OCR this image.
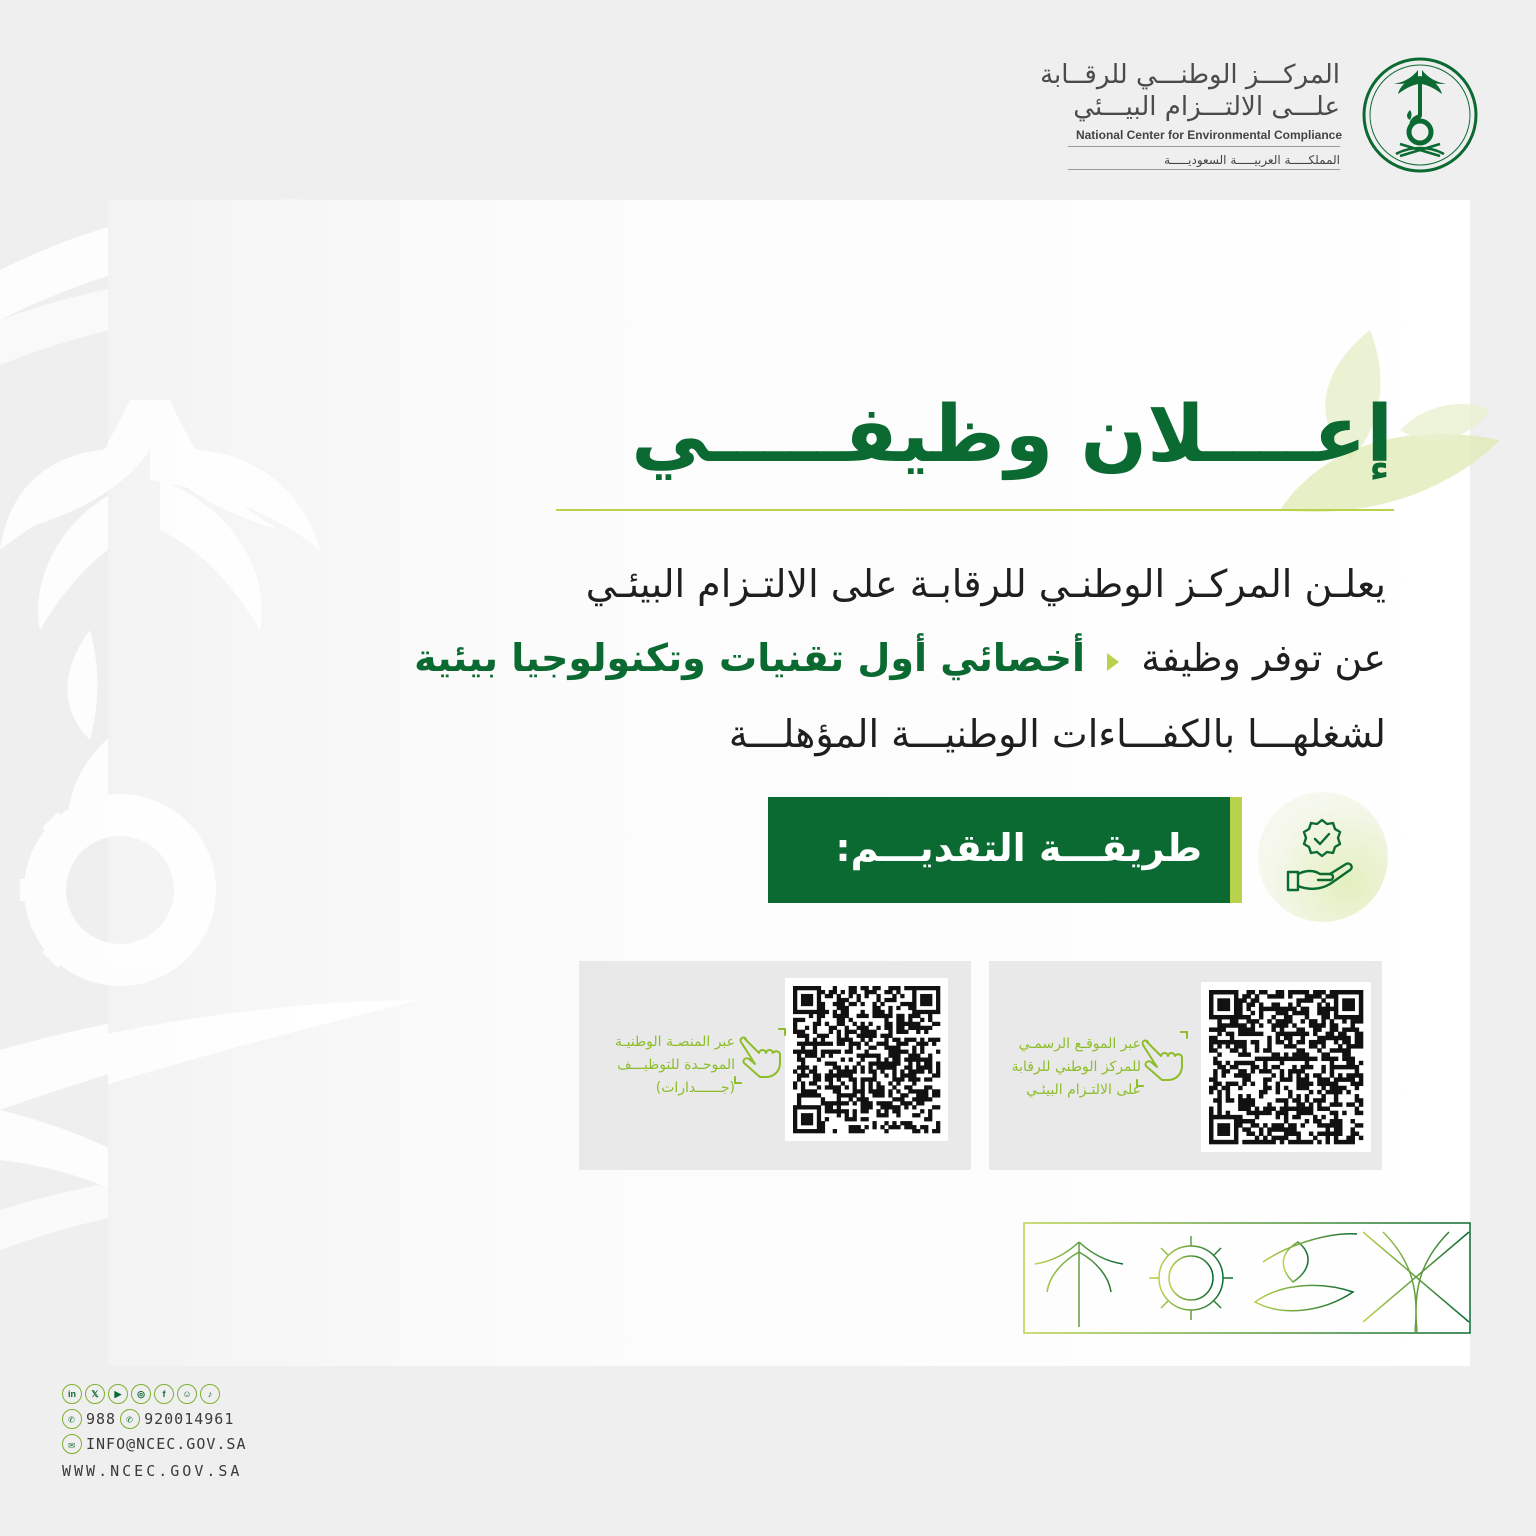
المركـــز الوطنـــي للرقــابة
علـــى الالتـــزام البيـــئي
National Center for Environmental Compliance
المملكـــــة العربيـــــة السعوديـــــة
إعــــلان وظيفـــــي
يعلـن المركـز الوطنـي للرقابـة على الالتـزام البيئـي
عن توفر وظيفة  أخصائي أول تقنيات وتكنولوجيا بيئية
لشغلهـــا بالكفـــاءات الوطنيـــة المؤهلـــة
طريقـــة التقديـــم:
عبر الموقـع الرسمـي
للمركز الوطني للرقابة
على الالتـزام البيئـي
عبر المنصـة الوطنيـة
الموحـدة للتوظيـــف
(جــــــدارات)
in	𝕏	▶	◎	f	☺	♪
✆ 988 ✆ 920014961
✉ INFO@NCEC.GOV.SA
WWW.NCEC.GOV.SA
